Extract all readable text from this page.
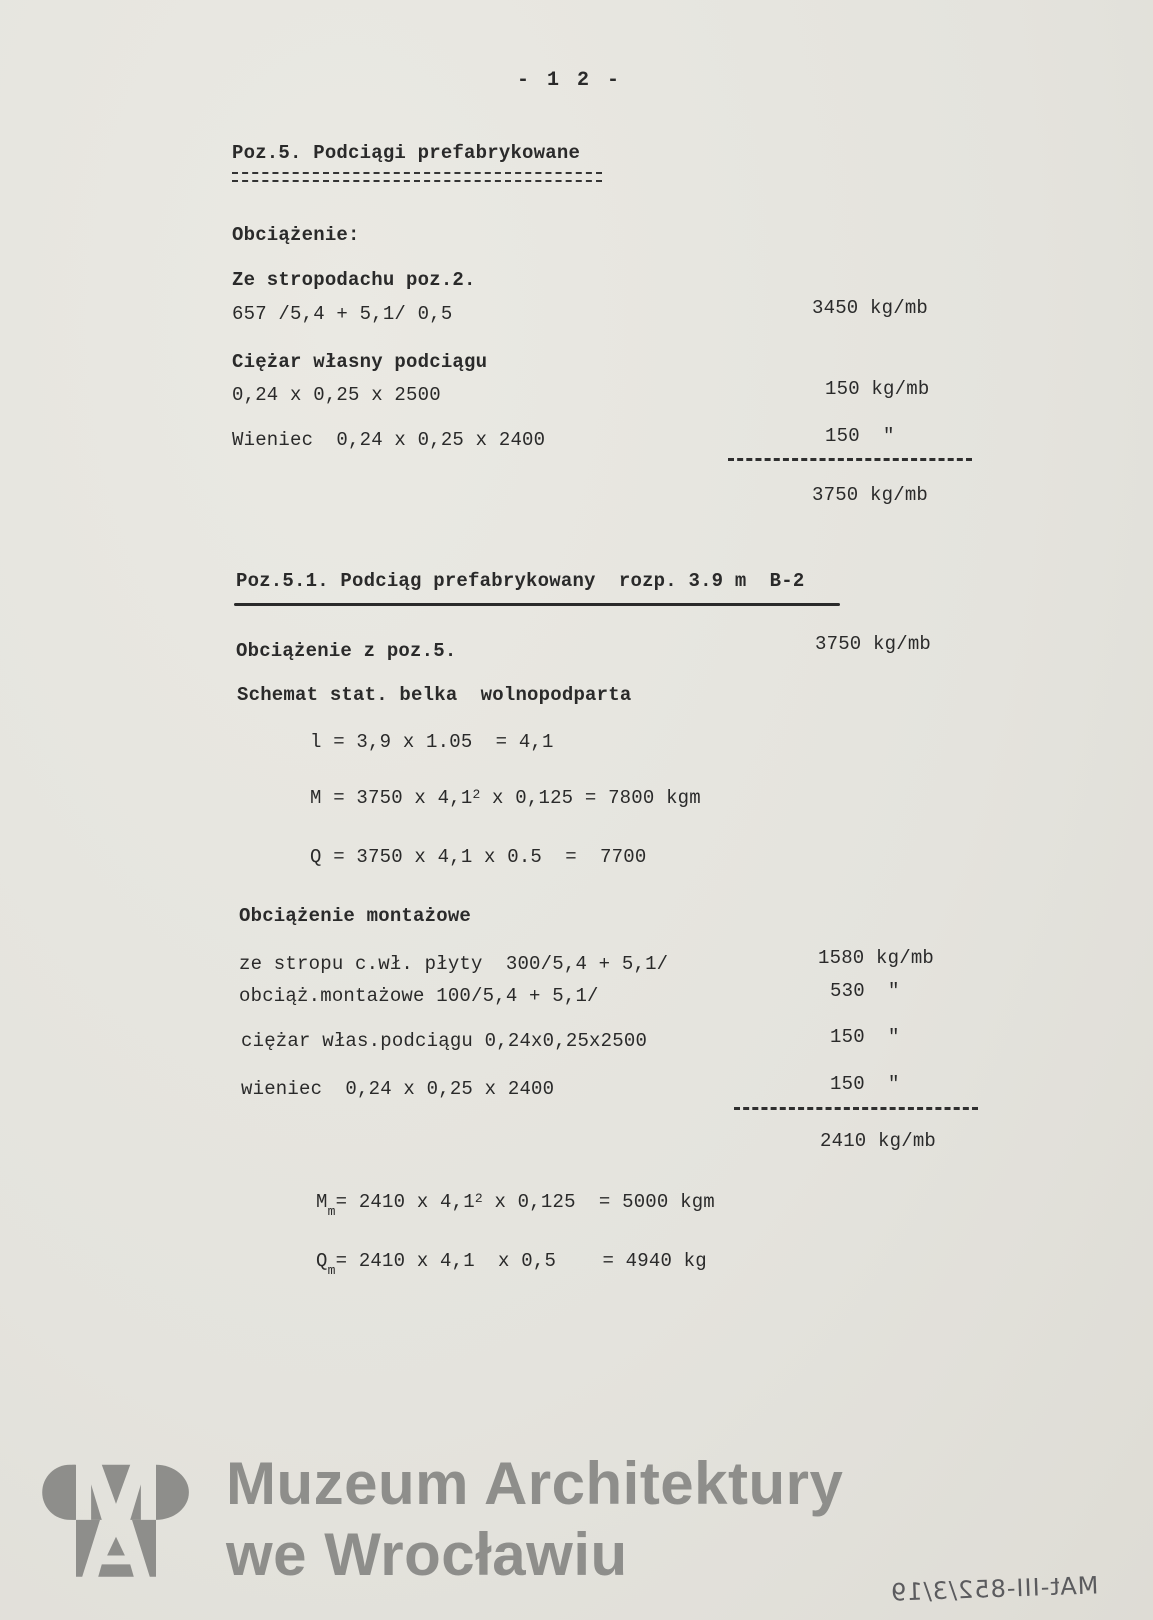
- 1 2 -
Poz.5. Podciągi prefabrykowane
Obciążenie:
Ze stropodachu poz.2.
657 /5,4 + 5,1/ 0,5	3450 kg/mb
Ciężar własny podciągu
0,24 x 0,25 x 2500	150 kg/mb
Wieniec  0,24 x 0,25 x 2400	150  "
3750 kg/mb
Poz.5.1. Podciąg prefabrykowany  rozp. 3.9 m  B-2
Obciążenie z poz.5.	3750 kg/mb
Schemat stat. belka  wolnopodparta
l = 3,9 x 1.05  = 4,1
M = 3750 x $4,1^2$ x 0,125 = 7800 kgm
Q = 3750 x 4,1 x 0.5  =  7700
Obciążenie montażowe
ze stropu c.wł. płyty  300/5,4 + 5,1/	1580 kg/mb
obciąż.montażowe 100/5,4 + 5,1/	530  "
ciężar włas.podciągu 0,24x0,25x2500	150  "
wieniec  0,24 x 0,25 x 2400	150  "
2410 kg/mb
$M_m= 2410$ x $4,1^2$ x 0,125  = 5000 kgm
$Q_m= 2410$ x 4,1  x 0,5    = 4940 kg
Muzeum Architektury
we Wrocławiu
MAt-III-852/3/19
